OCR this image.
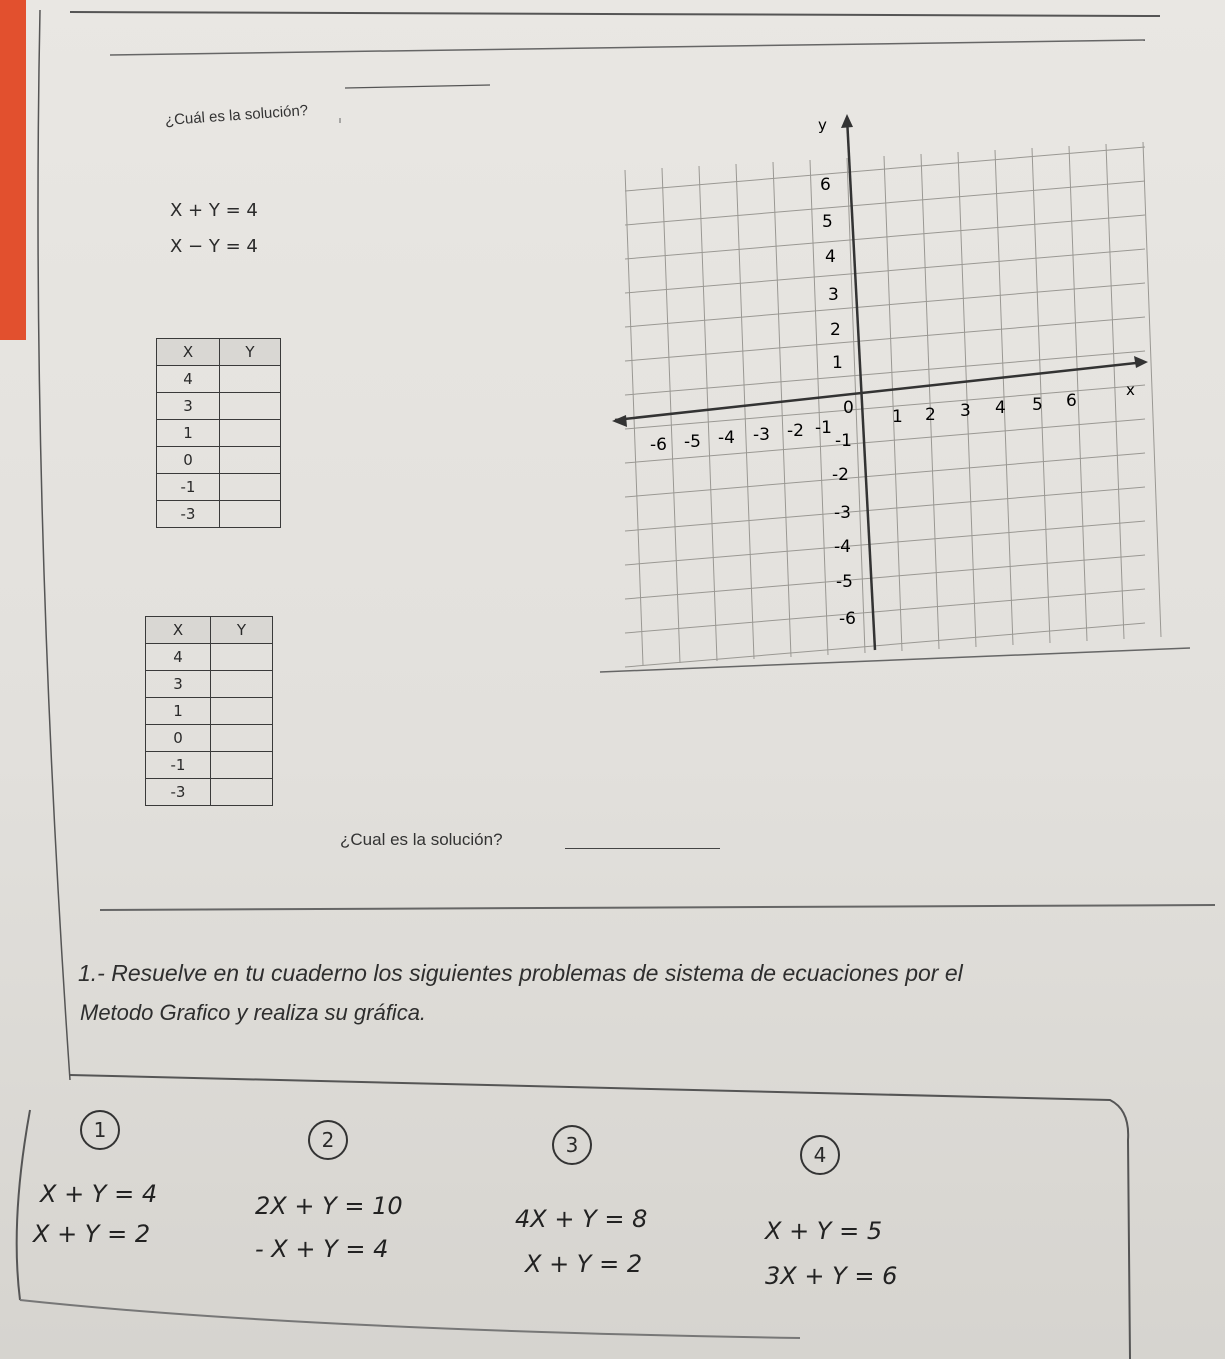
¿Cuál es la solución?
X + Y = 4
X − Y = 4
X	Y
4	
3	
1	
0	
-1	
-3	
X	Y
4	
3	
1	
0	
-1	
-3	
x
y
0 1 2 3 4 5 6
-6 -5 -4 -3 -2 -1
1
2
3
4
5
6
-1
-2
-3
-4
-5
-6
¿Cual es la solución?
1.- Resuelve en tu cuaderno los siguientes problemas de sistema de ecuaciones por el
Metodo Grafico y realiza su gráfica.
1
X + Y = 4
X + Y = 2
2
2X + Y = 10
- X + Y = 4
3
4X + Y = 8
X + Y = 2
4
X + Y = 5
3X + Y = 6
